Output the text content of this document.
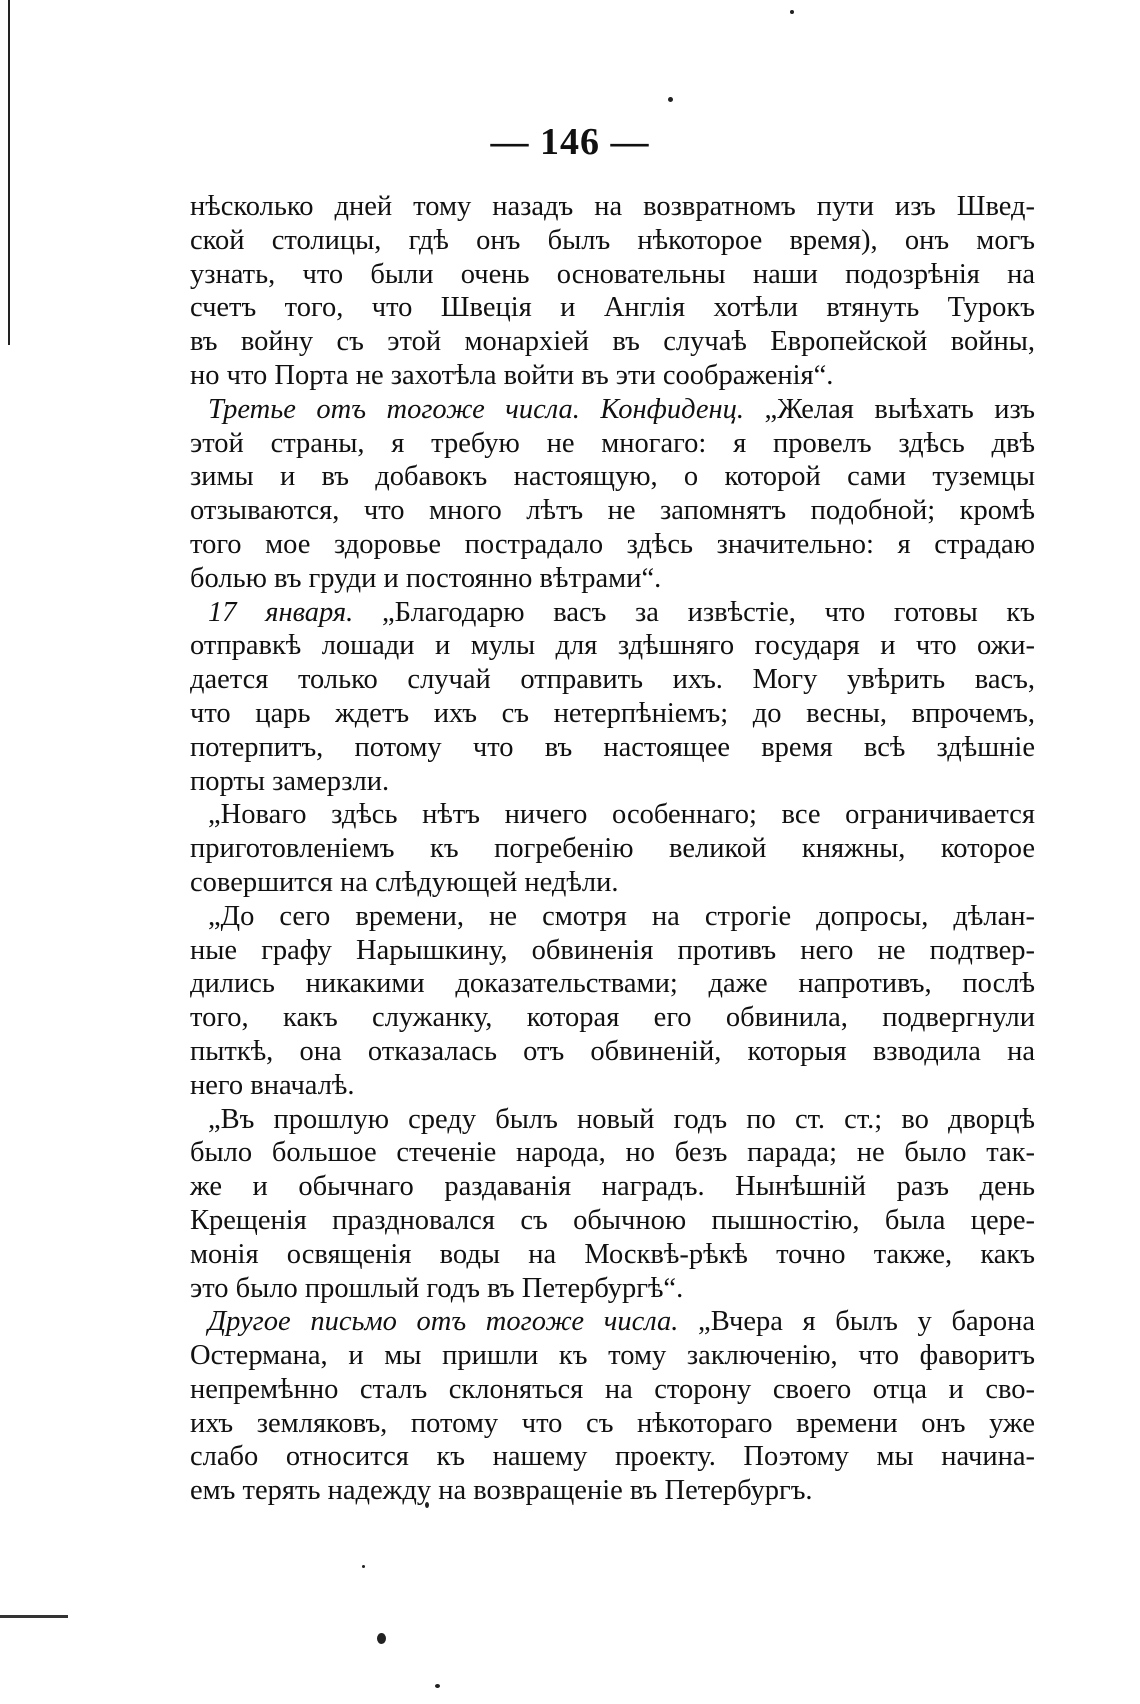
— 146 —
нѣсколько дней тому назадъ на возвратномъ пути изъ Швед-
ской столицы, гдѣ онъ былъ нѣкоторое время), онъ могъ
узнать, что были очень основательны наши подозрѣнія на
счетъ того, что Швеція и Англія хотѣли втянуть Турокъ
въ войну съ этой монархіей въ случаѣ Европейской войны,
но что Порта не захотѣла войти въ эти соображенія“.
Третье отъ тогоже числа. Конфиденц. „Желая выѣхать изъ
этой страны, я требую не многаго: я провелъ здѣсь двѣ
зимы и въ добавокъ настоящую, о которой сами туземцы
отзываются, что много лѣтъ не запомнятъ подобной; кромѣ
того мое здоровье пострадало здѣсь значительно: я страдаю
болью въ груди и постоянно вѣтрами“.
17 января. „Благодарю васъ за извѣстіе, что готовы къ
отправкѣ лошади и мулы для здѣшняго государя и что ожи-
дается только случай отправить ихъ. Могу увѣрить васъ,
что царь ждетъ ихъ съ нетерпѣніемъ; до весны, впрочемъ,
потерпитъ, потому что въ настоящее время всѣ здѣшніе
порты замерзли.
„Новаго здѣсь нѣтъ ничего особеннаго; все ограничивается
приготовленіемъ къ погребенію великой княжны, которое
совершится на слѣдующей недѣли.
„До сего времени, не смотря на строгіе допросы, дѣлан-
ные графу Нарышкину, обвиненія противъ него не подтвер-
дились никакими доказательствами; даже напротивъ, послѣ
того, какъ служанку, которая его обвинила, подвергнули
пыткѣ, она отказалась отъ обвиненій, которыя взводила на
него вначалѣ.
„Въ прошлую среду былъ новый годъ по ст. ст.; во дворцѣ
было большое стеченіе народа, но безъ парада; не было так-
же и обычнаго раздаванія наградъ. Нынѣшній разъ день
Крещенія праздновался съ обычною пышностію, была цере-
монія освященія воды на Москвѣ-рѣкѣ точно также, какъ
это было прошлый годъ въ Петербургѣ“.
Другое письмо отъ тогоже числа. „Вчера я былъ у барона
Остермана, и мы пришли къ тому заключенію, что фаворитъ
непремѣнно сталъ склоняться на сторону своего отца и сво-
ихъ земляковъ, потому что съ нѣкотораго времени онъ уже
слабо относится къ нашему проекту. Поэтому мы начина-
емъ терять надежду на возвращеніе въ Петербургъ.
